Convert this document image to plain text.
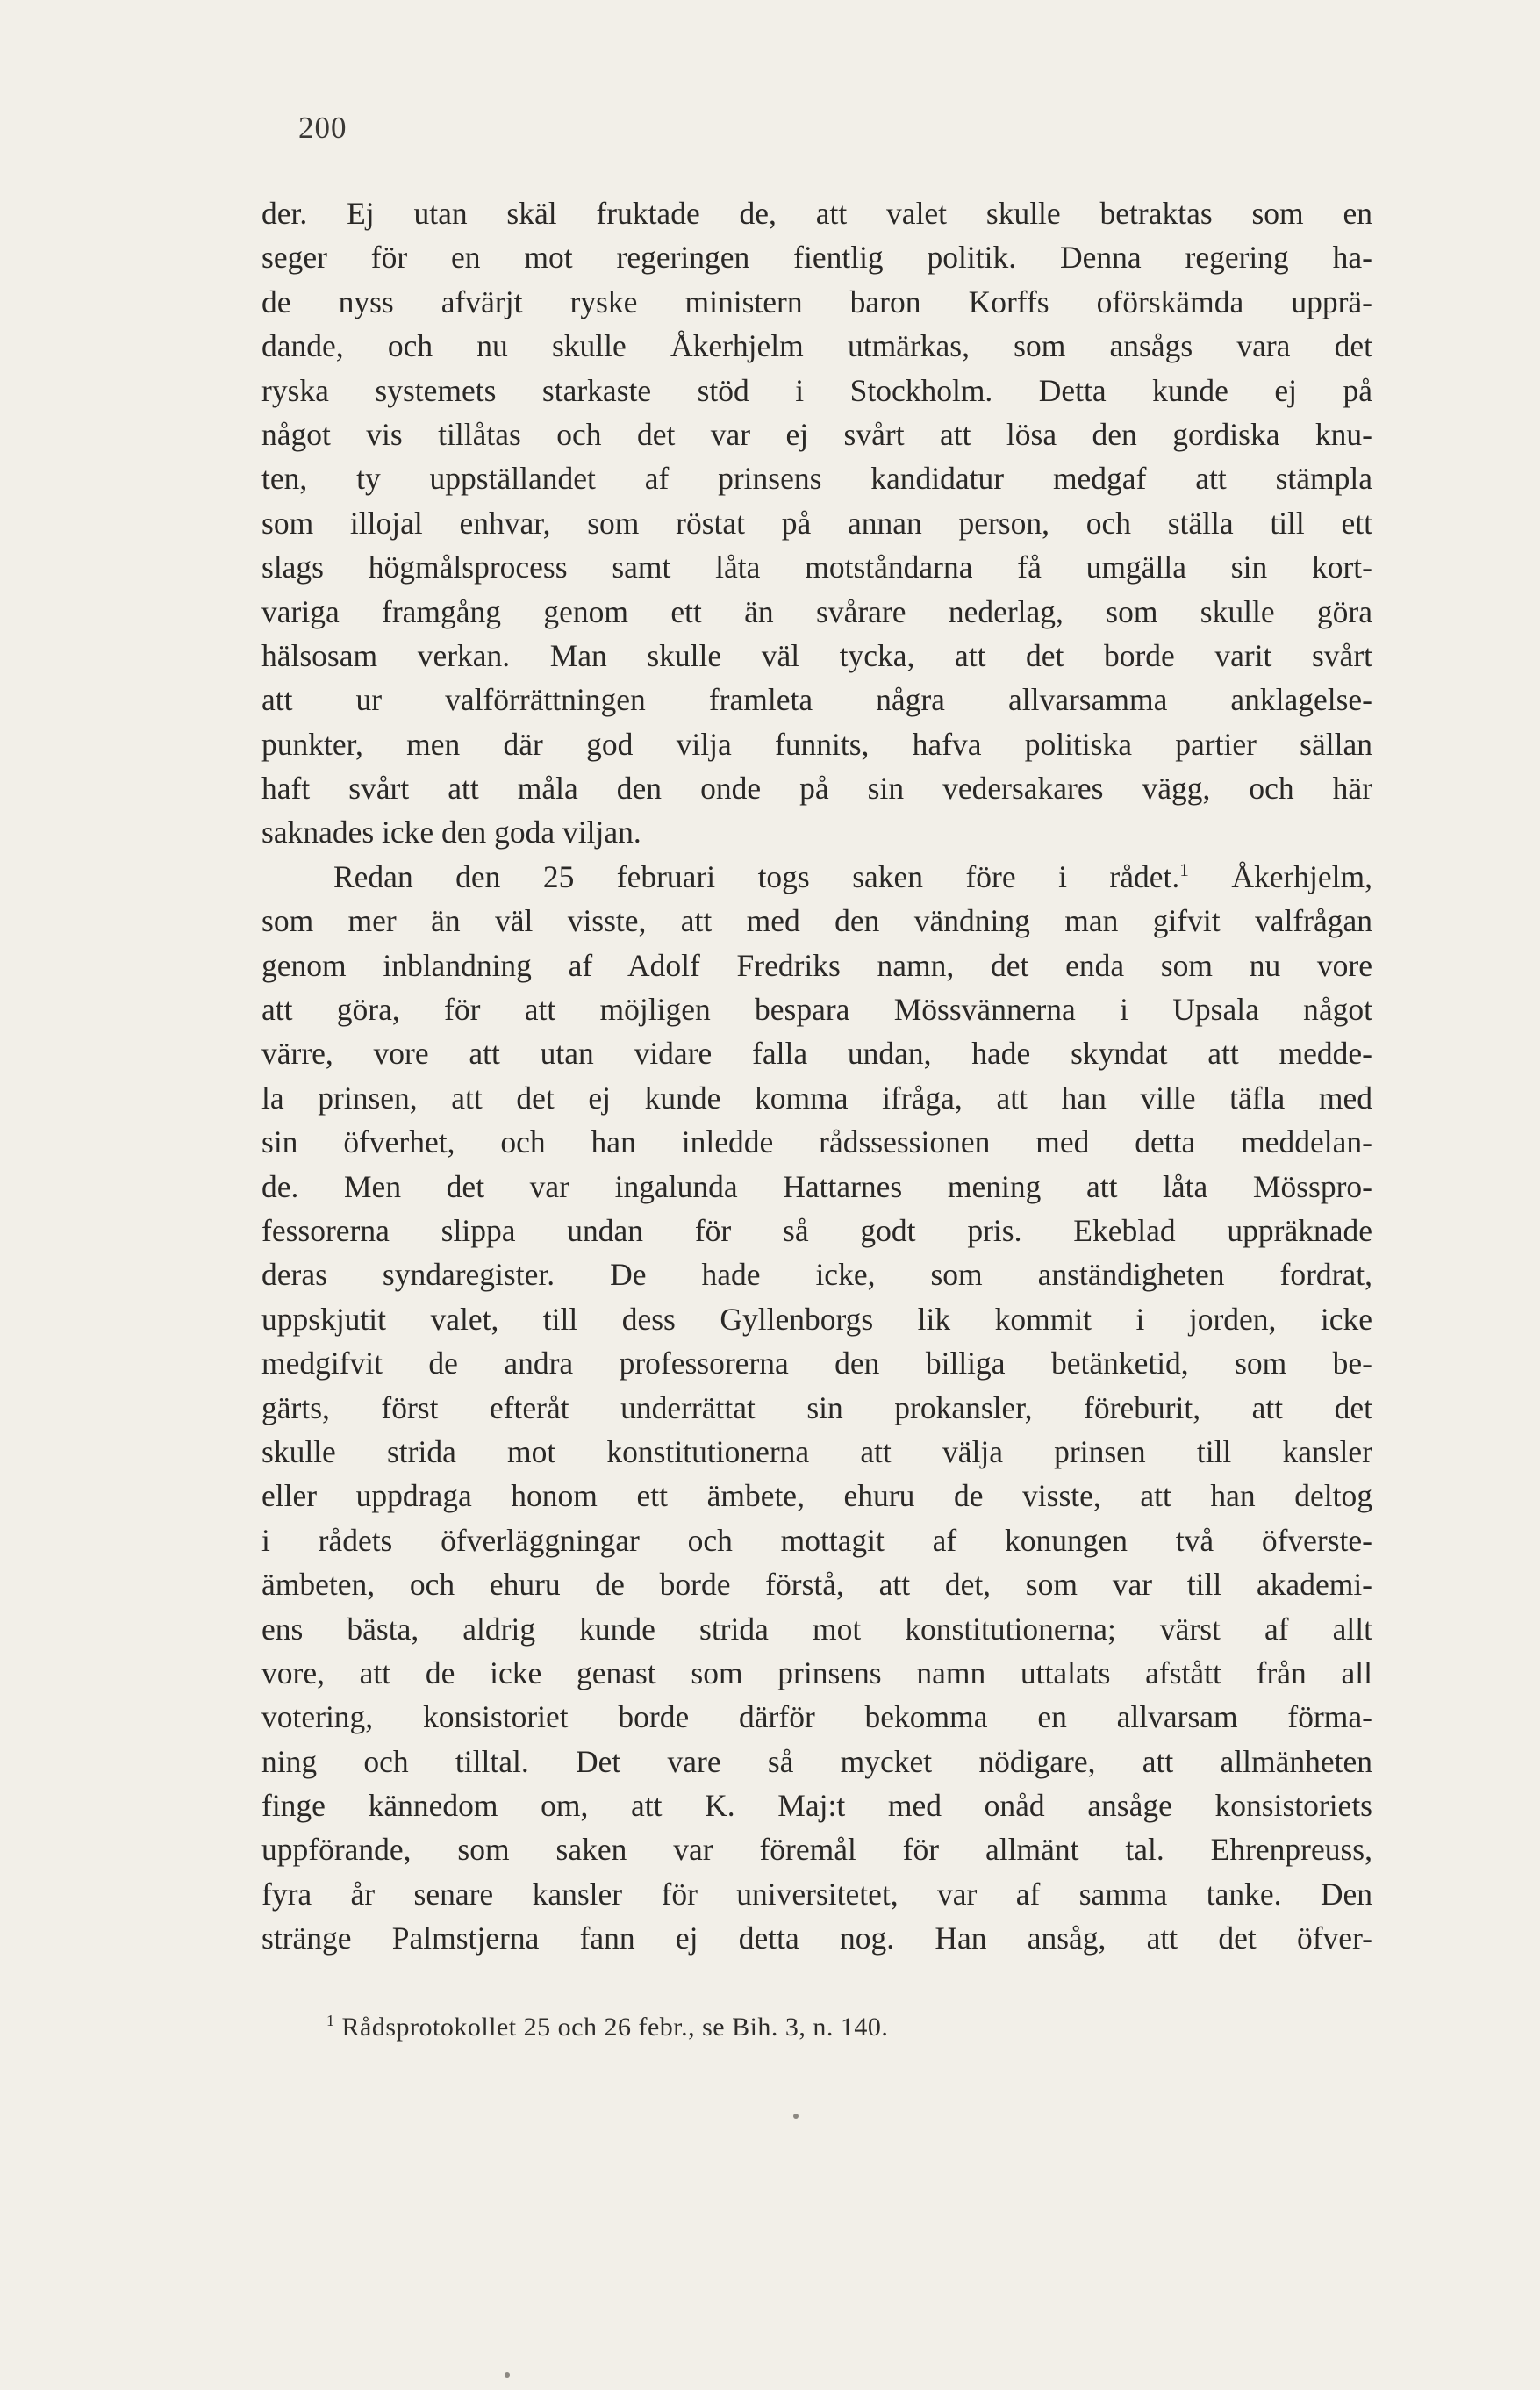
200
der. Ej utan skäl fruktade de, att valet skulle betraktas som en
seger för en mot regeringen fientlig politik. Denna regering ha-
de nyss afvärjt ryske ministern baron Korffs oförskämda upprä-
dande, och nu skulle Åkerhjelm utmärkas, som ansågs vara det
ryska systemets starkaste stöd i Stockholm. Detta kunde ej på
något vis tillåtas och det var ej svårt att lösa den gordiska knu-
ten, ty uppställandet af prinsens kandidatur medgaf att stämpla
som illojal enhvar, som röstat på annan person, och ställa till ett
slags högmålsprocess samt låta motståndarna få umgälla sin kort-
variga framgång genom ett än svårare nederlag, som skulle göra
hälsosam verkan. Man skulle väl tycka, att det borde varit svårt
att ur valförrättningen framleta några allvarsamma anklagelse-
punkter, men där god vilja funnits, hafva politiska partier sällan
haft svårt att måla den onde på sin vedersakares vägg, och här
saknades icke den goda viljan.
Redan den 25 februari togs saken före i rådet.$^1$ Åkerhjelm,
som mer än väl visste, att med den vändning man gifvit valfrågan
genom inblandning af Adolf Fredriks namn, det enda som nu vore
att göra, för att möjligen bespara Mössvännerna i Upsala något
värre, vore att utan vidare falla undan, hade skyndat att medde-
la prinsen, att det ej kunde komma ifråga, att han ville täfla med
sin öfverhet, och han inledde rådssessionen med detta meddelan-
de. Men det var ingalunda Hattarnes mening att låta Mösspro-
fessorerna slippa undan för så godt pris. Ekeblad uppräknade
deras syndaregister. De hade icke, som anständigheten fordrat,
uppskjutit valet, till dess Gyllenborgs lik kommit i jorden, icke
medgifvit de andra professorerna den billiga betänketid, som be-
gärts, först efteråt underrättat sin prokansler, föreburit, att det
skulle strida mot konstitutionerna att välja prinsen till kansler
eller uppdraga honom ett ämbete, ehuru de visste, att han deltog
i rådets öfverläggningar och mottagit af konungen två öfverste-
ämbeten, och ehuru de borde förstå, att det, som var till akademi-
ens bästa, aldrig kunde strida mot konstitutionerna; värst af allt
vore, att de icke genast som prinsens namn uttalats afstått från all
votering, konsistoriet borde därför bekomma en allvarsam förma-
ning och tilltal. Det vare så mycket nödigare, att allmänheten
finge kännedom om, att K. Maj:t med onåd ansåge konsistoriets
uppförande, som saken var föremål för allmänt tal. Ehrenpreuss,
fyra år senare kansler för universitetet, var af samma tanke. Den
stränge Palmstjerna fann ej detta nog. Han ansåg, att det öfver-
$^1$ Rådsprotokollet 25 och 26 febr., se Bih. 3, n. 140.
